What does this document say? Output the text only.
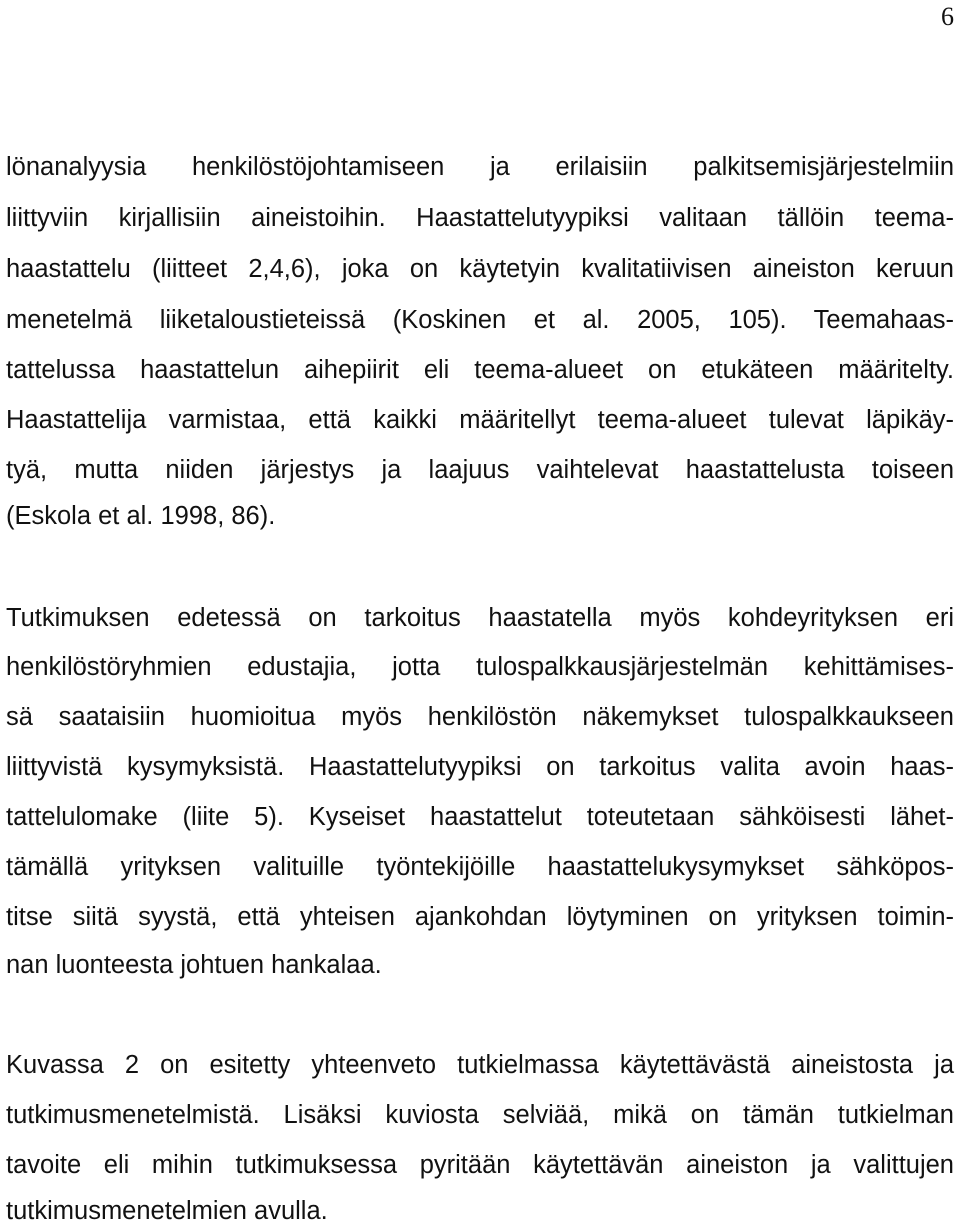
6
lönanalyysia henkilöstöjohtamiseen ja erilaisiin palkitsemisjärjestelmiin
liittyviin kirjallisiin aineistoihin. Haastattelutyypiksi valitaan tällöin teema-
haastattelu (liitteet 2,4,6), joka on käytetyin kvalitatiivisen aineiston keruun
menetelmä liiketaloustieteissä (Koskinen et al. 2005, 105). Teemahaas-
tattelussa haastattelun aihepiirit eli teema-alueet on etukäteen määritelty.
Haastattelija varmistaa, että kaikki määritellyt teema-alueet tulevat läpikäy-
tyä, mutta niiden järjestys ja laajuus vaihtelevat haastattelusta toiseen
(Eskola et al. 1998, 86).
Tutkimuksen edetessä on tarkoitus haastatella myös kohdeyrityksen eri
henkilöstöryhmien edustajia, jotta tulospalkkausjärjestelmän kehittämises-
sä saataisiin huomioitua myös henkilöstön näkemykset tulospalkkaukseen
liittyvistä kysymyksistä. Haastattelutyypiksi on tarkoitus valita avoin haas-
tattelulomake (liite 5). Kyseiset haastattelut toteutetaan sähköisesti lähet-
tämällä yrityksen valituille työntekijöille haastattelukysymykset sähköpos-
titse siitä syystä, että yhteisen ajankohdan löytyminen on yrityksen toimin-
nan luonteesta johtuen hankalaa.
Kuvassa 2 on esitetty yhteenveto tutkielmassa käytettävästä aineistosta ja
tutkimusmenetelmistä. Lisäksi kuviosta selviää, mikä on tämän tutkielman
tavoite eli mihin tutkimuksessa pyritään käytettävän aineiston ja valittujen
tutkimusmenetelmien avulla.
